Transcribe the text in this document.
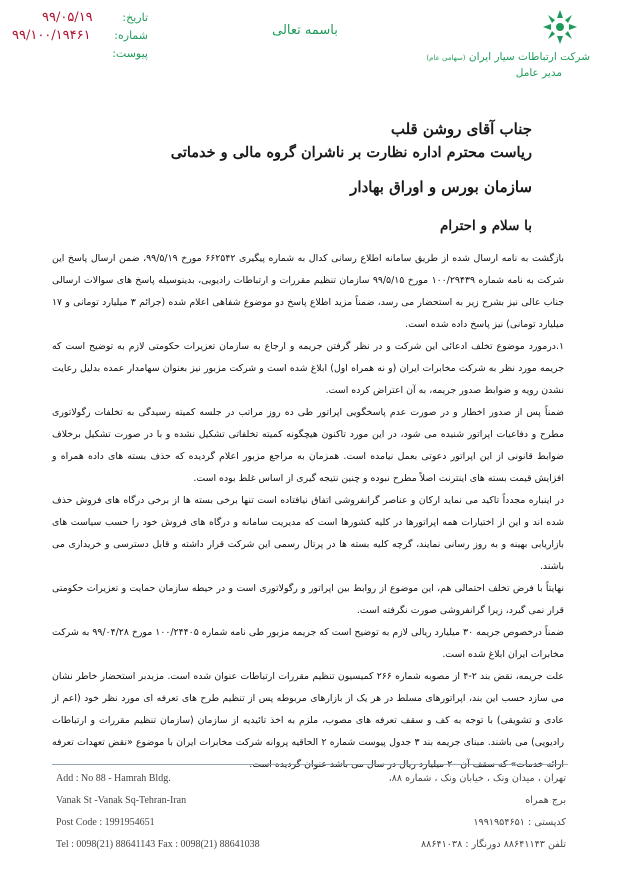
تاریخ:
شماره:
پیوست:
۹۹/۰۵/۱۹
۹۹/۱۰۰/۱۹۴۶۱	باسمه تعالی
شرکت ارتباطات سیار ایران (سهامی عام)
مدیر عامل
جناب آقای روشن قلب
ریاست محترم اداره نظارت بر ناشران گروه مالی و خدماتی
سازمان بورس و اوراق بهادار
با سلام و احترام

بازگشت به نامه ارسال شده از طریق سامانه اطلاع رسانی کدال به شماره پیگیری ۶۶۲۵۴۲ مورخ ۹۹/۵/۱۹، ضمن ارسال پاسخ این شرکت به نامه شماره ۱۰۰/۲۹۴۳۹ مورخ ۹۹/۵/۱۵ سازمان تنظیم مقررات و ارتباطات رادیویی، بدینوسیله پاسخ های سوالات ارسالی جناب عالی نیز بشرح زیر به استحضار می رسد، ضمناً مزید اطلاع پاسخ دو موضوع شفاهی اعلام شده (جرائم ۳ میلیارد تومانی و ۱۷ میلیارد تومانی) نیز پاسخ داده شده است.

۱.درمورد موضوع تخلف ادعائی این شرکت و در نظر گرفتن جریمه و ارجاع به سازمان تعزیرات حکومتی لازم به توضیح است که جریمه مورد نظر به شرکت مخابرات ایران (و نه همراه اول) ابلاغ شده است و شرکت مزبور نیز بعنوان سهامدار عمده بدلیل رعایت نشدن رویه و ضوابط صدور جریمه، به آن اعتراض کرده است.

ضمناً پس از صدور اخطار و در صورت عدم پاسخگویی اپراتور طی ده روز مراتب در جلسه کمیته رسیدگی به تخلفات رگولاتوری مطرح و دفاعیات اپراتور شنیده می شود، در این مورد تاکنون هیچگونه کمیته تخلفاتی تشکیل نشده و با در صورت تشکیل برخلاف ضوابط قانونی از این اپراتور دعوتی بعمل نیامده است. همزمان به مراجع مزبور اعلام گردیده که حذف بسته های داده همراه و افزایش قیمت بسته های اینترنت اصلاً مطرح نبوده و چنین نتیجه گیری از اساس غلط بوده است.

در اینباره مجدداً تاکید می نماید ارکان و عناصر گرانفروشی اتفاق نیافتاده است تنها برخی بسته ها از برخی درگاه های فروش حذف شده اند و این از اختیارات همه اپراتورها در کلیه کشورها است که مدیریت سامانه و درگاه های فروش خود را حسب سیاست های بازاریابی بهینه و به روز رسانی نمایند، گرچه کلیه بسته ها در پرتال رسمی این شرکت قرار داشته و قابل دسترسی و خریداری می باشند.

نهایتاً با فرض تخلف احتمالی هم، این موضوع از روابط بین اپراتور و رگولاتوری است و در حیطه سازمان حمایت و تعزیرات حکومتی قرار نمی گیرد، زیرا گرانفروشی صورت نگرفته است.

ضمناً درخصوص جریمه ۳۰ میلیارد ریالی لازم به توضیح است که جریمه مزبور طی نامه شماره ۱۰۰/۲۴۴۰۵ مورخ ۹۹/۰۴/۲۸ به شرکت مخابرات ایران ابلاغ شده است.

علت جریمه، نقض بند ۲-۴ از مصوبه شماره ۲۶۶ کمیسیون تنظیم مقررات ارتباطات عنوان شده است. مزبدبر استحضار خاطر نشان می سازد حسب این بند، اپراتورهای مسلط در هر یک از بازارهای مربوطه پس از تنظیم طرح های تعرفه ای مورد نظر خود (اعم از عادی و تشویقی) با توجه به کف و سقف تعرفه های مصوب، ملزم به اخذ تائیدیه از سازمان (سازمان تنظیم مقررات و ارتباطات رادیویی) می باشند. مبنای جریمه بند ۳ جدول پیوست شماره ۲ الحاقیه پروانه شرکت مخابرات ایران با موضوع «نقض تعهدات تعرفه

Add : No 88 - Hamrah Bldg.
Vanak St -Vanak Sq-Tehran-Iran
Post Code : 1991954651
Tel : 0098(21) 88641143 Fax : 0098(21) 88641038
تهران ، میدان ونک ، خیابان ونک ، شماره ۸۸،
برج همراه
کدپستی : ۱۹۹۱۹۵۴۶۵۱
تلفن ۸۸۶۴۱۱۴۳ دورنگار : ۸۸۶۴۱۰۳۸
